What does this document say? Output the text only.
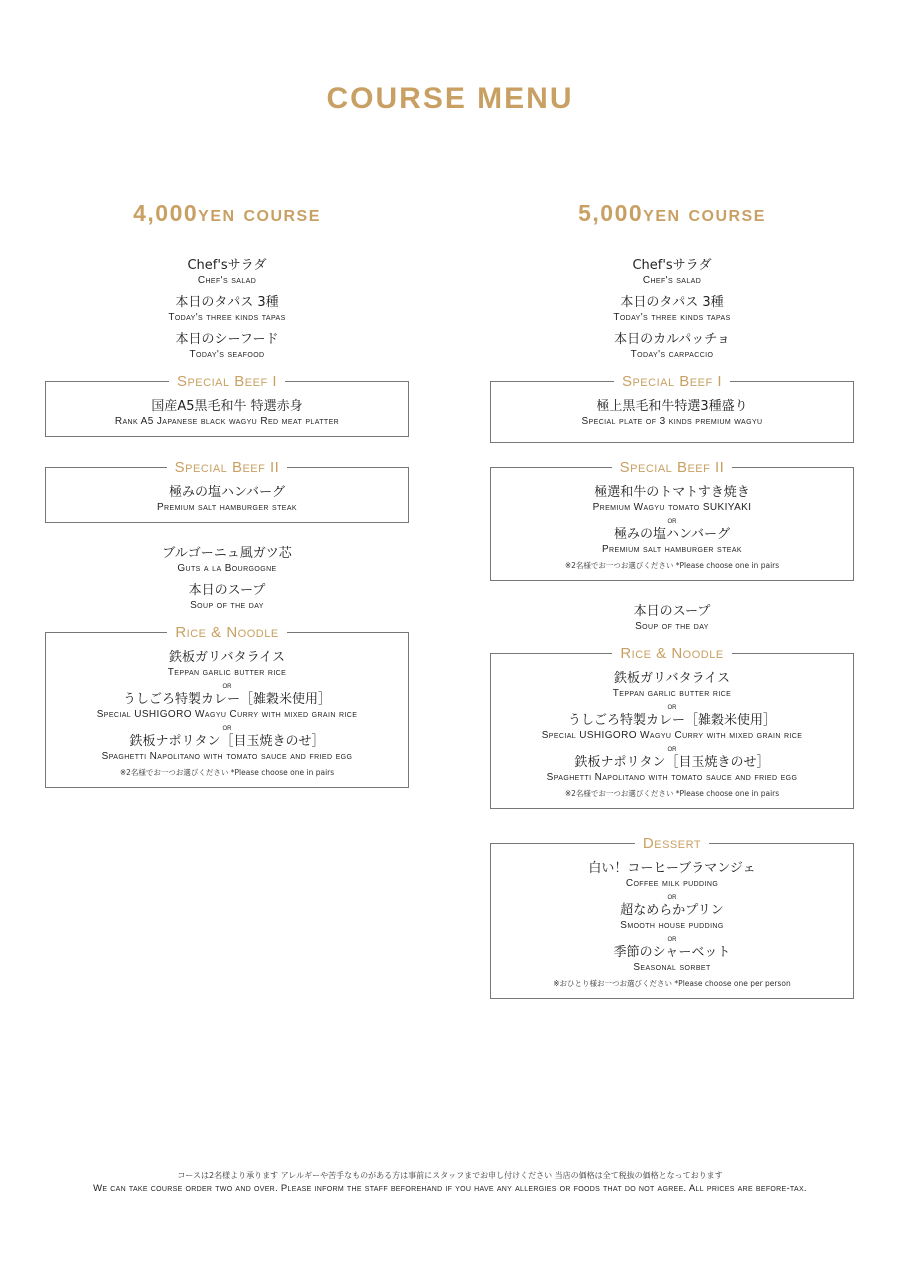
COURSE MENU
4,000yen course
Chef'sサラダ
Chef's salad
本日のタパス 3種
Today's three kinds tapas
本日のシーフード
Today's seafood
Special Beef I
国産A5黒毛和牛 特選赤身
Rank A5 Japanese black wagyu Red meat platter
Special Beef II
極みの塩ハンバーグ
Premium salt hamburger steak
ブルゴーニュ風ガツ芯
Guts a la Bourgogne
本日のスープ
Soup of the day
Rice & Noodle
鉄板ガリバタライス
Teppan garlic butter rice
or
うしごろ特製カレー［雑穀米使用］
Special USHIGORO Wagyu Curry with mixed grain rice
or
鉄板ナポリタン［目玉焼きのせ］
Spaghetti Napolitano with tomato sauce and fried egg
※2名様でお一つお選びください *Please choose one in pairs
5,000yen course
Chef'sサラダ
Chef's salad
本日のタパス 3種
Today's three kinds tapas
本日のカルパッチョ
Today's carpaccio
Special Beef I
極上黒毛和牛特選3種盛り
Special plate of 3 kinds premium wagyu
Special Beef II
極選和牛のトマトすき焼き
Premium Wagyu tomato SUKIYAKI
or
極みの塩ハンバーグ
Premium salt hamburger steak
※2名様でお一つお選びください *Please choose one in pairs
本日のスープ
Soup of the day
Rice & Noodle
鉄板ガリバタライス
Teppan garlic butter rice
or
うしごろ特製カレー［雑穀米使用］
Special USHIGORO Wagyu Curry with mixed grain rice
or
鉄板ナポリタン［目玉焼きのせ］
Spaghetti Napolitano with tomato sauce and fried egg
※2名様でお一つお選びください *Please choose one in pairs
Dessert
白い！コーヒーブラマンジェ
Coffee milk pudding
or
超なめらかプリン
Smooth house pudding
or
季節のシャーベット
Seasonal sorbet
※おひとり様お一つお選びください *Please choose one per person
コースは2名様より承ります アレルギーや苦手なものがある方は事前にスタッフまでお申し付けください 当店の価格は全て税抜の価格となっております
We can take course order two and over. Please inform the staff beforehand if you have any allergies or foods that do not agree. All prices are before-tax.
